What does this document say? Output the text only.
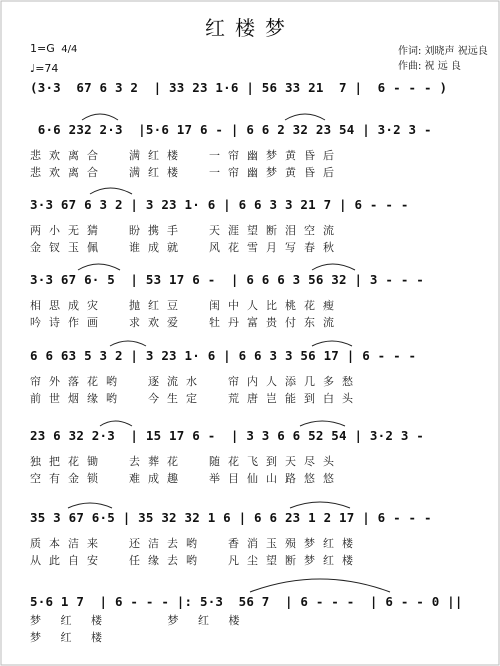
红楼梦
1=G 4/4
♩=74
作词: 刘晓声 祝远良
作曲: 祝 远 良
(3·3  67 6 3 2  | 33 23 1·6 | 56 33 21  7 |  6 - - - )
6·6 232 2·3  |5·6 17 6 - | 6 6 2 32 23 54 | 3·2 3 -
悲欢离合  满红楼  一帘幽梦黄昏后
悲欢离合  满红楼  一帘幽梦黄昏后
3·3 67 6 3 2 | 3 23 1· 6 | 6 6 3 3 21 7 | 6 - - -
两小无猜  盼携手  天涯望断泪空流
金钗玉佩  谁成就  风花雪月写春秋
3·3 67 6· 5  | 53 17 6 -  | 6 6 6 3 56 32 | 3 - - -
相思成灾  抛红豆  闺中人比桃花瘦
吟诗作画  求欢爱  牡丹富贵付东流
6 6 63 5 3 2 | 3 23 1· 6 | 6 6 3 3 56 17 | 6 - - -
帘外落花哟  逐流水  帘内人添几多愁
前世烟缘哟  今生定  荒唐岂能到白头
23 6 32 2·3  | 15 17 6 -  | 3 3 6 6 52 54 | 3·2 3 -
独把花锄  去葬花  随花飞到天尽头
空有金锁  难成趣  举目仙山路悠悠
35 3 67 6·5 | 35 32 32 1 6 | 6 6 23 1 2 17 | 6 - - -
质本洁来  还洁去哟  香消玉殒梦红楼
从此自安  任缘去哟  凡尘望断梦红楼
5·6 1 7  | 6 - - - |: 5·3  56 7  | 6 - - -  | 6 - - 0 ||
梦 红 楼     梦 红 楼
梦 红 楼
